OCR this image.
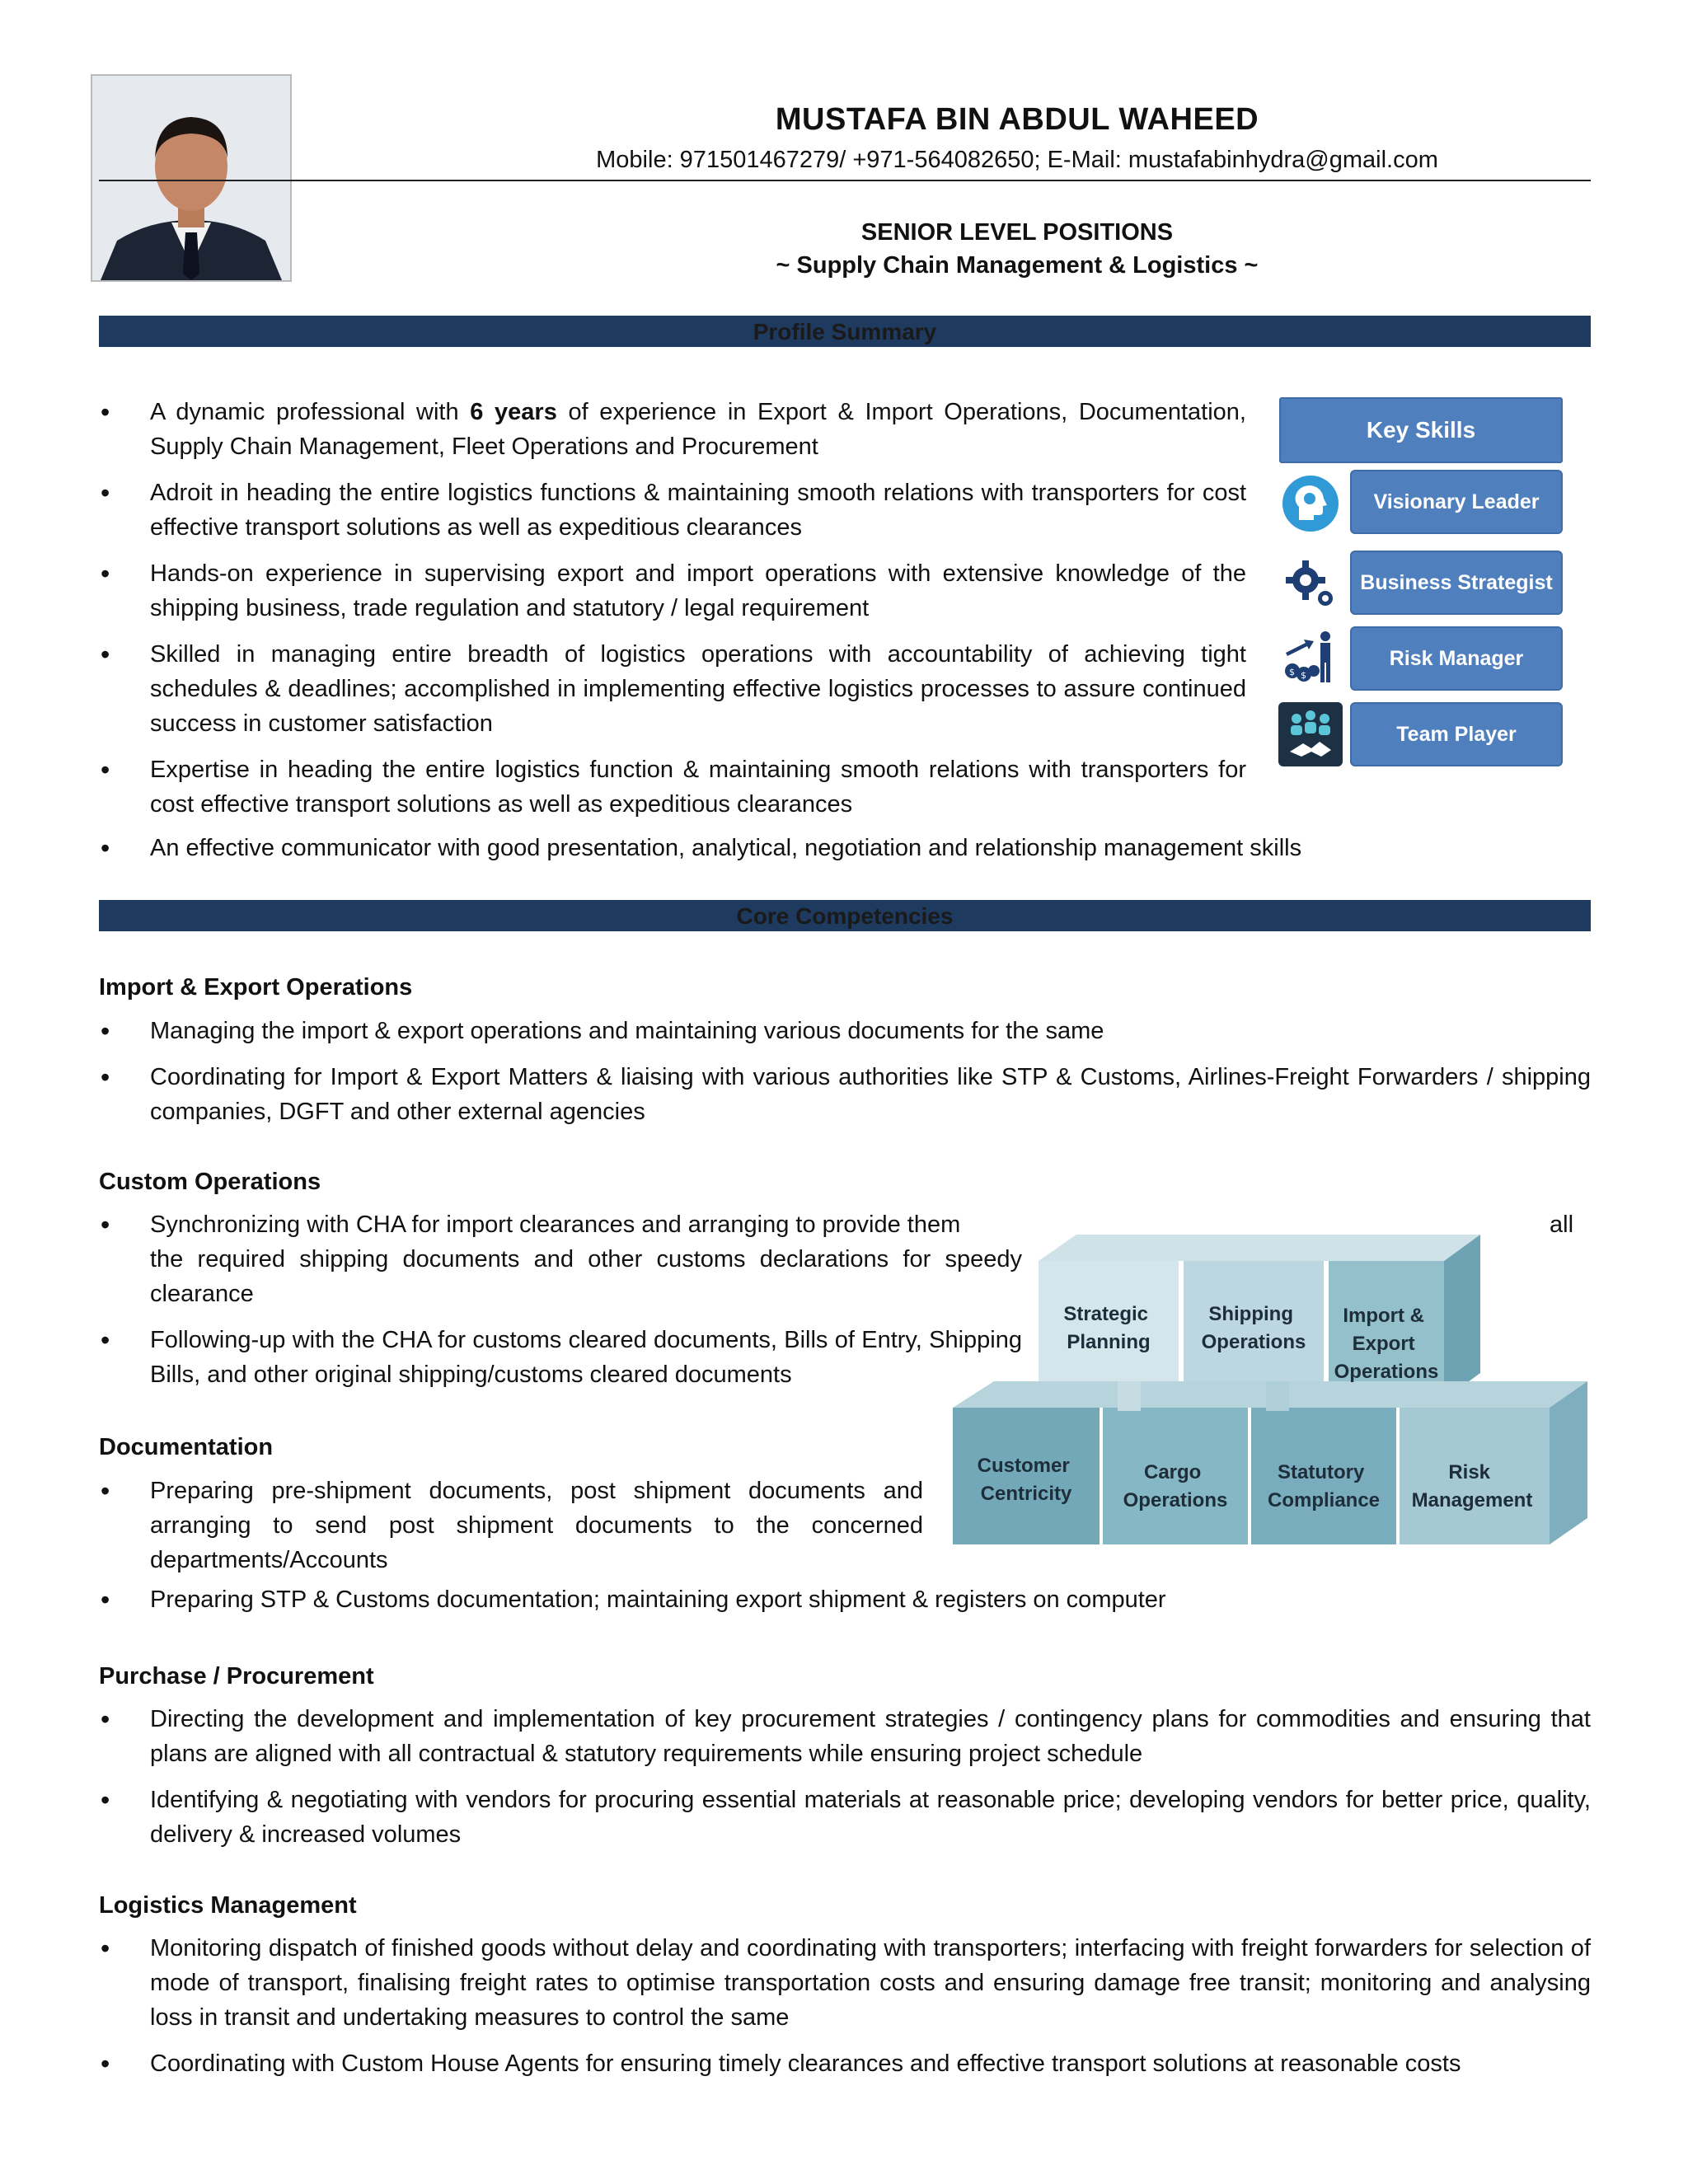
MUSTAFA BIN ABDUL WAHEED
Mobile: 971501467279/ +971-564082650; E-Mail: mustafabinhydra@gmail.com
SENIOR LEVEL POSITIONS
~ Supply Chain Management & Logistics ~
Profile Summary
• A dynamic professional with 6 years of experience in Export & Import Operations, Documentation, Supply Chain Management, Fleet Operations and Procurement
• Adroit in heading the entire logistics functions & maintaining smooth relations with transporters for cost effective transport solutions as well as expeditious clearances
• Hands-on experience in supervising export and import operations with extensive knowledge of the shipping business, trade regulation and statutory / legal requirement
• Skilled in managing entire breadth of logistics operations with accountability of achieving tight schedules & deadlines; accomplished in implementing effective logistics processes to assure continued success in customer satisfaction
• Expertise in heading the entire logistics function & maintaining smooth relations with transporters for cost effective transport solutions as well as expeditious clearances
• An effective communicator with good presentation, analytical, negotiation and relationship management skills
Key Skills
Visionary Leader
Business Strategist
$ $
Risk Manager
Team Player
Core Competencies
Import & Export Operations
• Managing the import & export operations and maintaining various documents for the same
• Coordinating for Import & Export Matters & liaising with various authorities like STP & Customs, Airlines-Freight Forwarders / shipping companies, DGFT and other external agencies
Custom Operations
• Synchronizing with CHA for import clearances and arranging to provide them
the required shipping documents and other customs declarations for speedy clearance
• Following-up with the CHA for customs cleared documents, Bills of Entry, Shipping Bills, and other original shipping/customs cleared documents
all
Documentation
• Preparing pre-shipment documents, post shipment documents and arranging to send post shipment documents to the concerned departments/Accounts
• Preparing STP & Customs documentation; maintaining export shipment & registers on computer
Purchase / Procurement
• Directing the development and implementation of key procurement strategies / contingency plans for commodities and ensuring that plans are aligned with all contractual & statutory requirements while ensuring project schedule
• Identifying & negotiating with vendors for procuring essential materials at reasonable price; developing vendors for better price, quality, delivery & increased volumes
Logistics Management
• Monitoring dispatch of finished goods without delay and coordinating with transporters; interfacing with freight forwarders for selection of mode of transport, finalising freight rates to optimise transportation costs and ensuring damage free transit; monitoring and analysing loss in transit and undertaking measures to control the same
• Coordinating with Custom House Agents for ensuring timely clearances and effective transport solutions at reasonable costs
Strategic Planning
Shipping Operations
Import & Export Operations
Customer Centricity
Cargo Operations
Statutory Compliance
Risk Management
